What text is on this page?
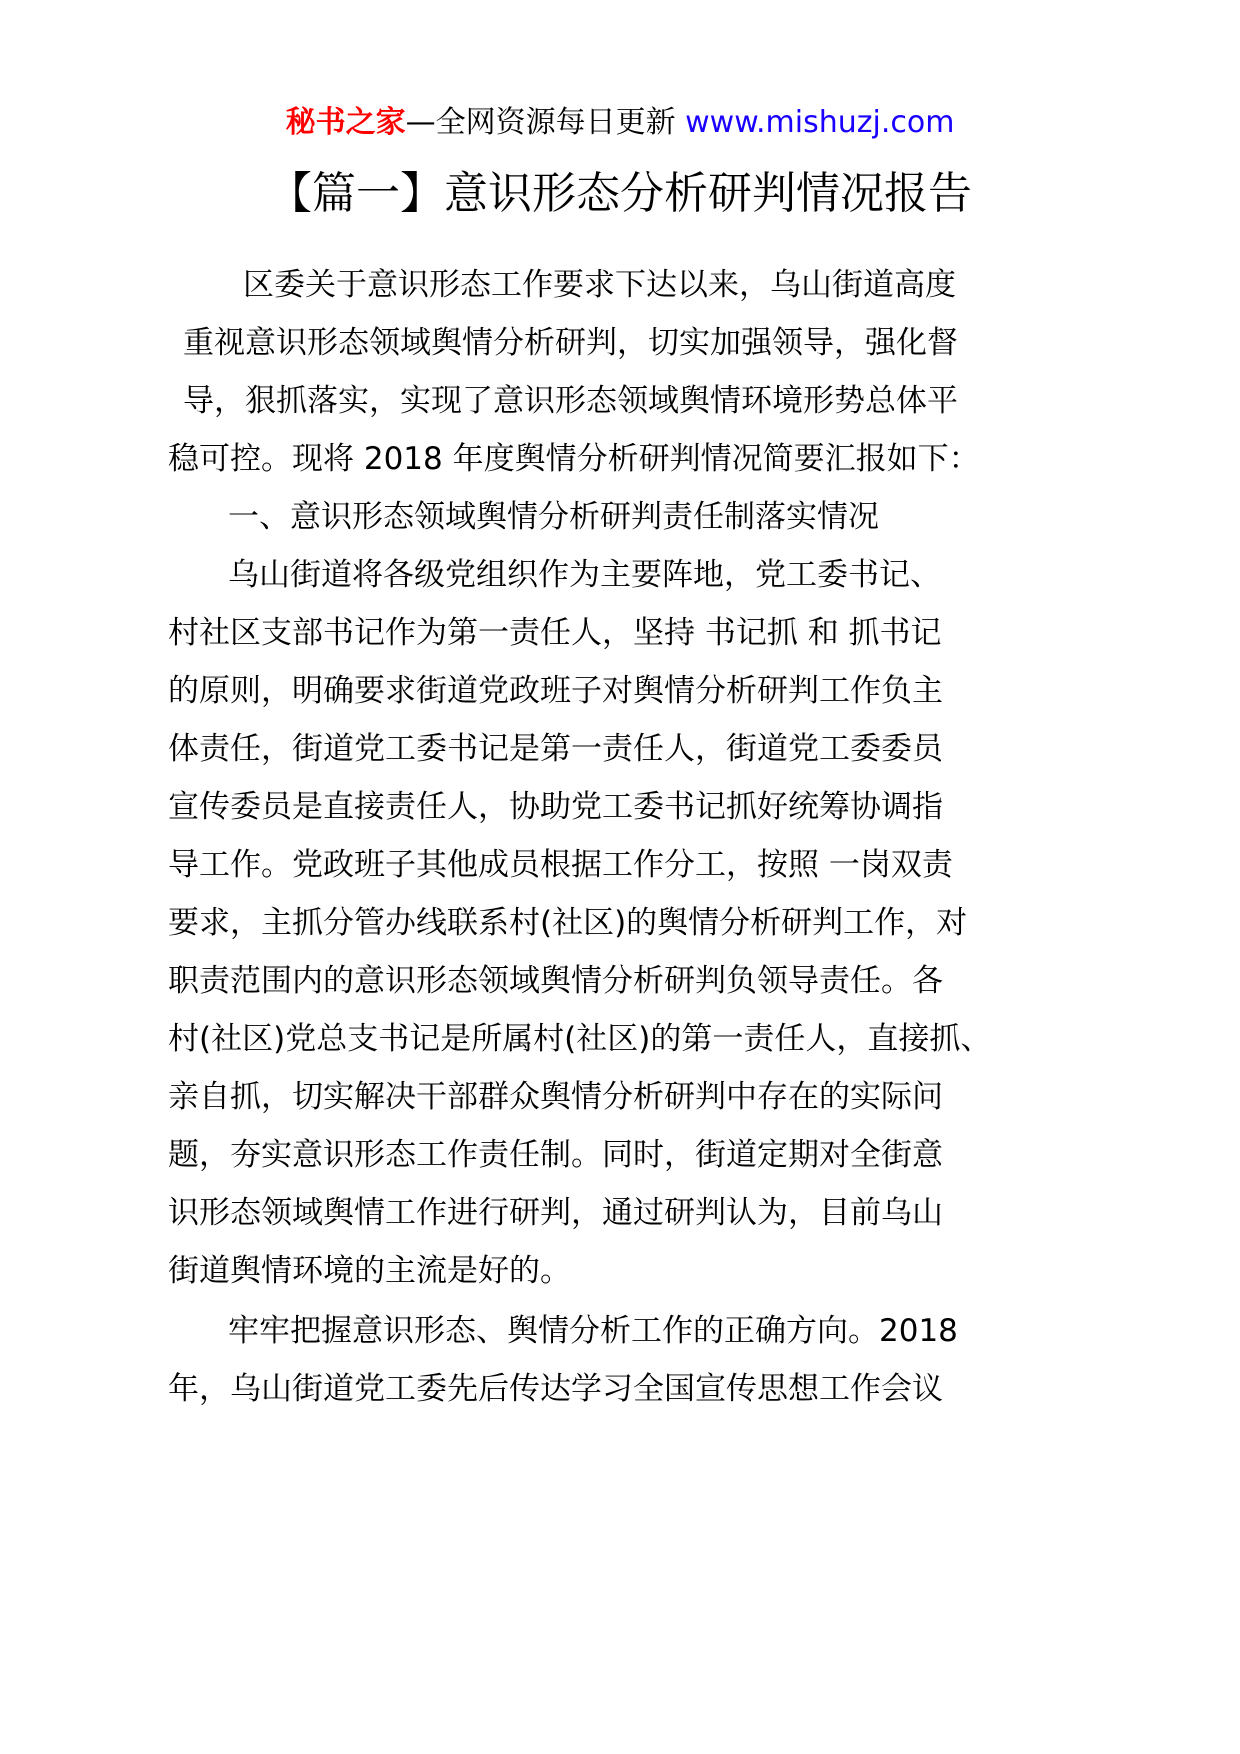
秘书之家—全网资源每日更新 www.mishuzj.com
【篇一】意识形态分析研判情况报告
区委关于意识形态工作要求下达以来，乌山街道高度
重视意识形态领域舆情分析研判，切实加强领导，强化督
导，狠抓落实，实现了意识形态领域舆情环境形势总体平
稳可控。现将 2018 年度舆情分析研判情况简要汇报如下：
一、意识形态领域舆情分析研判责任制落实情况
乌山街道将各级党组织作为主要阵地，党工委书记、
村社区支部书记作为第一责任人，坚持 书记抓 和 抓书记
的原则，明确要求街道党政班子对舆情分析研判工作负主
体责任，街道党工委书记是第一责任人，街道党工委委员
宣传委员是直接责任人，协助党工委书记抓好统筹协调指
导工作。党政班子其他成员根据工作分工，按照 一岗双责
要求，主抓分管办线联系村(社区)的舆情分析研判工作，对
职责范围内的意识形态领域舆情分析研判负领导责任。各
村(社区)党总支书记是所属村(社区)的第一责任人，直接抓、
亲自抓，切实解决干部群众舆情分析研判中存在的实际问
题，夯实意识形态工作责任制。同时，街道定期对全街意
识形态领域舆情工作进行研判，通过研判认为，目前乌山
街道舆情环境的主流是好的。
牢牢把握意识形态、舆情分析工作的正确方向。2018
年，乌山街道党工委先后传达学习全国宣传思想工作会议
